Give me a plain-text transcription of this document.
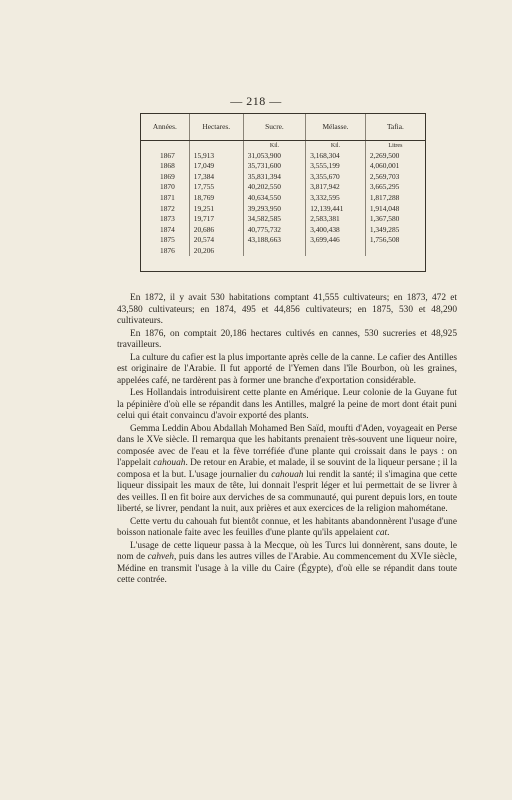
— 218 —
Années.	Hectares.	Sucre.	Mélasse.	Tafia.
		Kil.	Kil.	Litres
1867	15,913	31,053,900	3,168,304	2,269,500
1868	17,049	35,731,600	3,555,199	4,060,001
1869	17,384	35,831,394	3,355,670	2,569,703
1870	17,755	40,202,550	3,817,942	3,665,295
1871	18,769	40,634,550	3,332,595	1,817,288
1872	19,251	39,293,950	12,139,441	1,914,048
1873	19,717	34,582,585	2,583,381	1,367,580
1874	20,686	40,775,732	3,400,438	1,349,285
1875	20,574	43,188,663	3,699,446	1,756,508
1876	20,206			

En 1872, il y avait 530 habitations comptant 41,555 cultivateurs; en 1873, 472 et 43,580 cultivateurs; en 1874, 495 et 44,856 cultivateurs; en 1875, 530 et 48,290 cultivateurs.

En 1876, on comptait 20,186 hectares cultivés en cannes, 530 sucreries et 48,925 travailleurs.

La culture du cafier est la plus importante après celle de la canne. Le cafier des Antilles est originaire de l'Arabie. Il fut apporté de l'Yemen dans l'île Bourbon, où les graines, appelées café, ne tardèrent pas à former une branche d'exportation considérable.

Les Hollandais introduisirent cette plante en Amérique. Leur colonie de la Guyane fut la pépinière d'où elle se répandit dans les Antilles, malgré la peine de mort dont était puni celui qui était convaincu d'avoir exporté des plants.

Gemma Leddin Abou Abdallah Mohamed Ben Saïd, moufti d'Aden, voyageait en Perse dans le XVe siècle. Il remarqua que les habitants prenaient très-souvent une liqueur noire, composée avec de l'eau et la fève torréfiée d'une plante qui croissait dans le pays : on l'appelait cahouah. De retour en Arabie, et malade, il se souvint de la liqueur persane ; il la composa et la but. L'usage journalier du cahouah lui rendit la santé; il s'imagina que cette liqueur dissipait les maux de tête, lui donnait l'esprit léger et lui permettait de se livrer à des veilles. Il en fit boire aux derviches de sa communauté, qui purent depuis lors, en toute liberté, se livrer, pendant la nuit, aux prières et aux exercices de la religion mahométane.

Cette vertu du cahouah fut bientôt connue, et les habitants abandonnèrent l'usage d'une boisson nationale faite avec les feuilles d'une plante qu'ils appelaient cat.

L'usage de cette liqueur passa à la Mecque, où les Turcs lui donnèrent, sans doute, le nom de cahveh, puis dans les autres villes de l'Arabie. Au commencement du XVIe siècle, Médine en transmit l'usage à la ville du Caire (Égypte), d'où elle se répandit dans toute cette contrée.
